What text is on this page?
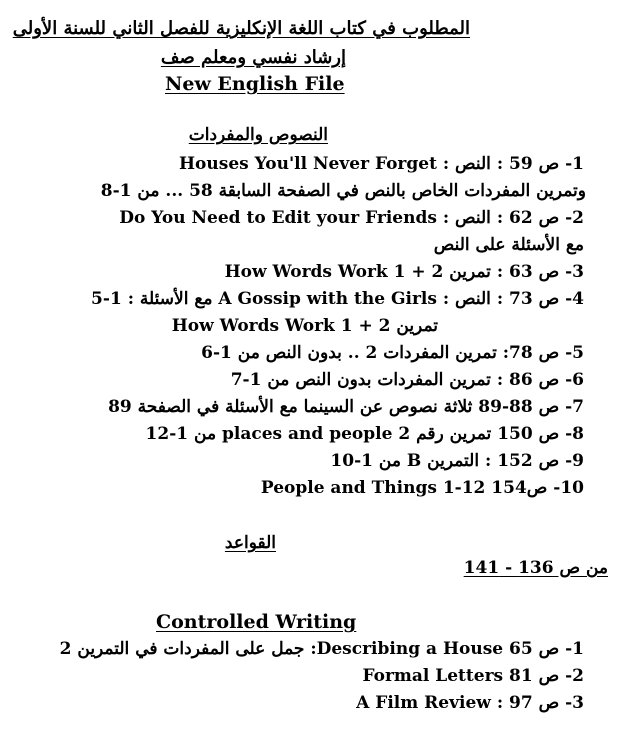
المطلوب في كتاب اللغة الإنكليزية للفصل الثاني للسنة الأولى
إرشاد نفسي ومعلم صف
New English File
النصوص والمفردات
1- ص 59 : النص : Houses You'll Never Forget
وتمرين المفردات الخاص بالنص في الصفحة السابقة 58 ... من 1-8
2- ص 62 : النص : Do You Need to Edit your Friends
مع الأسئلة على النص
3- ص 63 : تمرين How Words Work 1 + 2
4- ص 73 : النص : A Gossip with the Girls مع الأسئلة : 1-5
تمرين How Words Work 1 + 2
5- ص 78: تمرين المفردات 2 .. بدون النص من 1-6
6- ص 86 : تمرين المفردات بدون النص من 1-7
7- ص 88-89 ثلاثة نصوص عن السينما مع الأسئلة في الصفحة 89
8- ص 150 تمرين رقم 2 places and people من 1-12
9- ص 152 : التمرين B من 1-10
10- ص154 People and Things 1-12
القواعد
من ص 136 - 141
Controlled Writing
1- ص 65 Describing a House: جمل على المفردات في التمرين 2
2- ص 81 Formal Letters
3- ص 97 : A Film Review
